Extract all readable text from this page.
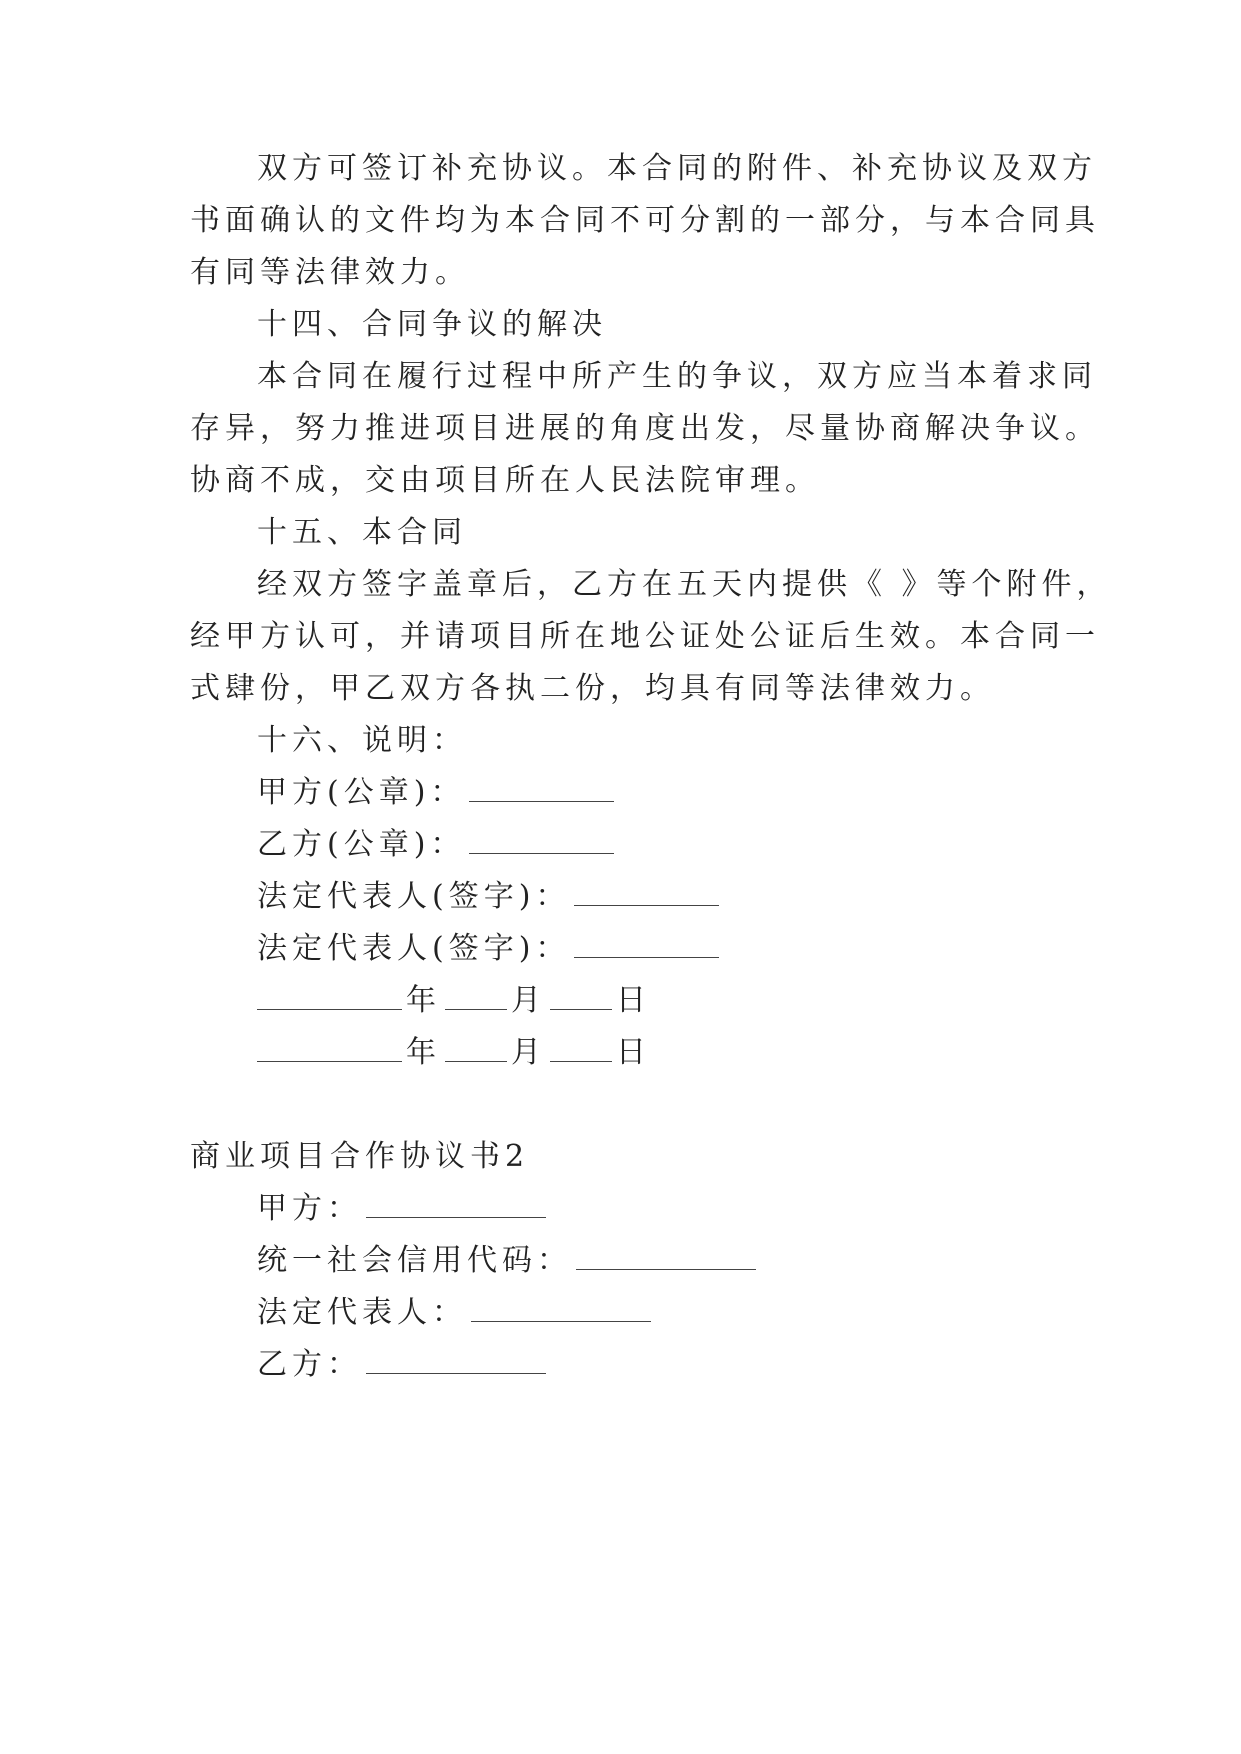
双方可签订补充协议。本合同的附件、补充协议及双方
书面确认的文件均为本合同不可分割的一部分，与本合同具
有同等法律效力。
十四、合同争议的解决
本合同在履行过程中所产生的争议，双方应当本着求同
存异，努力推进项目进展的角度出发，尽量协商解决争议。
协商不成，交由项目所在人民法院审理。
十五、本合同
经双方签字盖章后，乙方在五天内提供《 》等个附件，
经甲方认可，并请项目所在地公证处公证后生效。本合同一
式肆份，甲乙双方各执二份，均具有同等法律效力。
十六、说明：
甲方(公章)：
乙方(公章)：
法定代表人(签字)：
法定代表人(签字)：
年 月 日
年 月 日
商业项目合作协议书2
甲方：
统一社会信用代码：
法定代表人：
乙方：
